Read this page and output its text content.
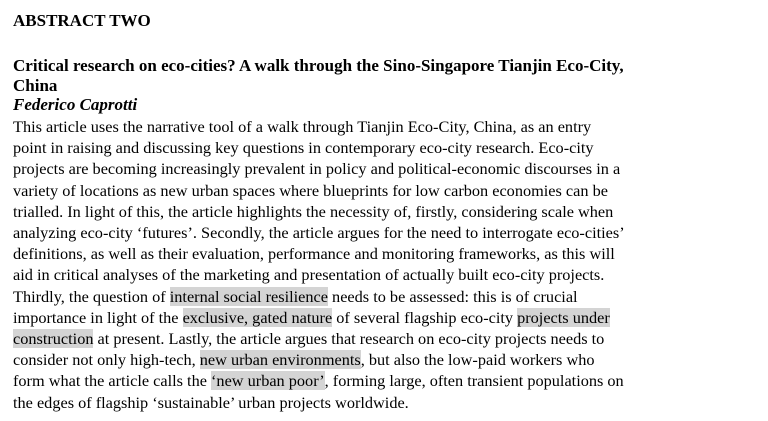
ABSTRACT TWO
Critical research on eco-cities? A walk through the Sino-Singapore Tianjin Eco-City,
China
Federico Caprotti
This article uses the narrative tool of a walk through Tianjin Eco-City, China, as an entry
point in raising and discussing key questions in contemporary eco-city research. Eco-city
projects are becoming increasingly prevalent in policy and political-economic discourses in a
variety of locations as new urban spaces where blueprints for low carbon economies can be
trialled. In light of this, the article highlights the necessity of, firstly, considering scale when
analyzing eco-city ‘futures’. Secondly, the article argues for the need to interrogate eco-cities’
definitions, as well as their evaluation, performance and monitoring frameworks, as this will
aid in critical analyses of the marketing and presentation of actually built eco-city projects.
Thirdly, the question of internal social resilience needs to be assessed: this is of crucial
importance in light of the exclusive, gated nature of several flagship eco-city projects under
construction at present. Lastly, the article argues that research on eco-city projects needs to
consider not only high-tech, new urban environments, but also the low-paid workers who
form what the article calls the ‘new urban poor’, forming large, often transient populations on
the edges of flagship ‘sustainable’ urban projects worldwide.
